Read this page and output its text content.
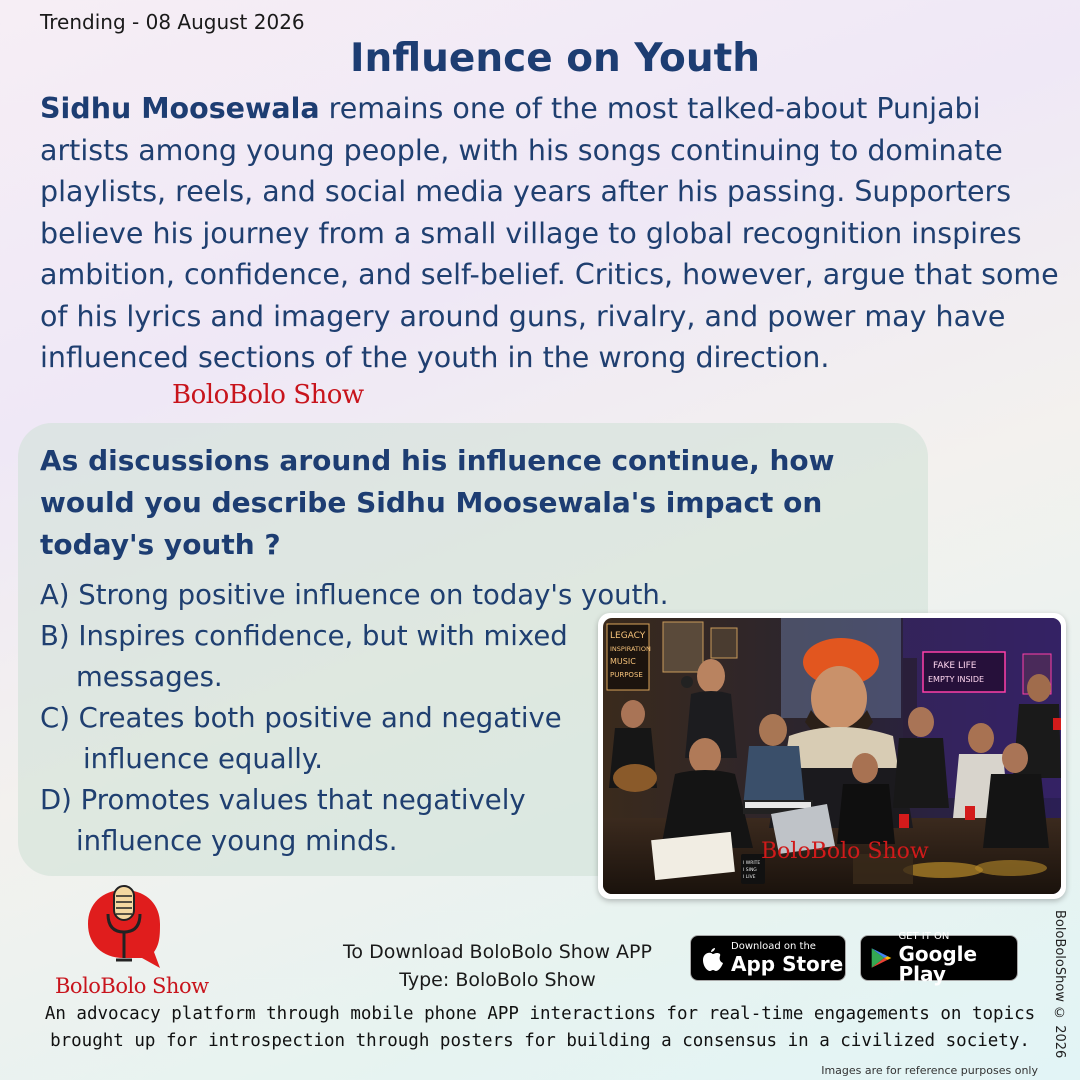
Trending - 08 August 2026
Influence on Youth

Sidhu Moosewala remains one of the most talked-about Punjabi artists among young people, with his songs continuing to dominate playlists, reels, and social media years after his passing. Supporters believe his journey from a small village to global recognition inspires ambition, confidence, and self-belief. Critics, however, argue that some of his lyrics and imagery around guns, rivalry, and power may have influenced sections of the youth in the wrong direction.

BoloBolo Show
As discussions around his influence continue, how would you describe Sidhu Moosewala's impact on today's youth ?
A) Strong positive influence on today's youth.
B) Inspires confidence, but with mixed
messages.
C) Creates both positive and negative
influence equally.
D) Promotes values that negatively
influence young minds.
LEGACY
INSPIRATION
MUSIC
PURPOSE
FAKE LIFE
EMPTY INSIDE
I WRITE
I SING
I LIVE
BoloBolo Show
BoloBolo Show
To Download BoloBolo Show APP
Type: BoloBolo Show
Download on the
App Store
GET IT ON
Google Play
An advocacy platform through mobile phone APP interactions for real-time engagements on topics brought up for introspection through posters for building a consensus in a civilized society.	BoloBoloShow © 2026
Images are for reference purposes only
